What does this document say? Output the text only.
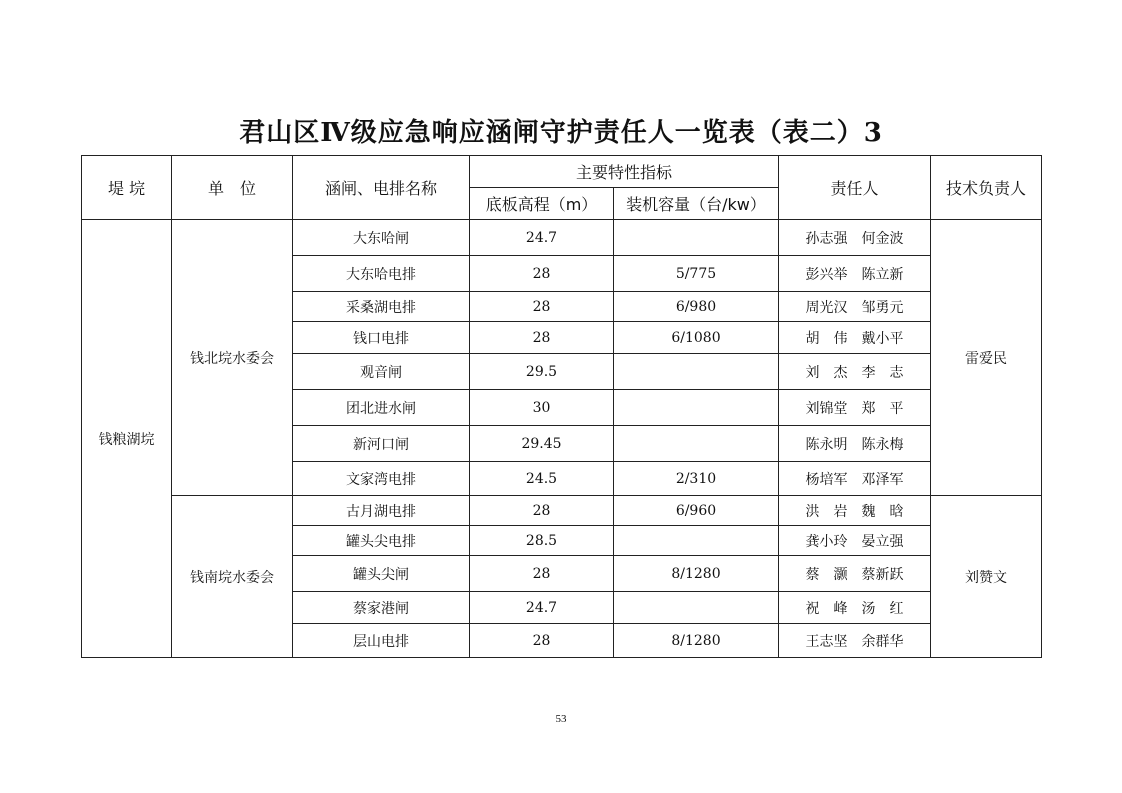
君山区Ⅳ级应急响应涵闸守护责任人一览表（表二）3
堤 垸	单　位	涵闸、电排名称	主要特性指标		责任人	技术负责人
			底板高程（m）	装机容量（台/kw）		
钱粮湖垸	钱北垸水委会	大东哈闸	24.7		孙志强　何金波	雷爱民
		大东哈电排	28	5/775	彭兴举　陈立新	
		采桑湖电排	28	6/980	周光汉　邹勇元	
		钱口电排	28	6/1080	胡　伟　戴小平	
		观音闸	29.5		刘　杰　李　志	
		团北进水闸	30		刘锦堂　郑　平	
		新河口闸	29.45		陈永明　陈永梅	
		文家湾电排	24.5	2/310	杨培军　邓泽军	
	钱南垸水委会	古月湖电排	28	6/960	洪　岩　魏　晗	刘赞文
		罐头尖电排	28.5		龚小玲　晏立强	
		罐头尖闸	28	8/1280	蔡　灏　蔡新跃	
		蔡家港闸	24.7		祝　峰　汤　红	
		层山电排	28	8/1280	王志坚　余群华	
53
